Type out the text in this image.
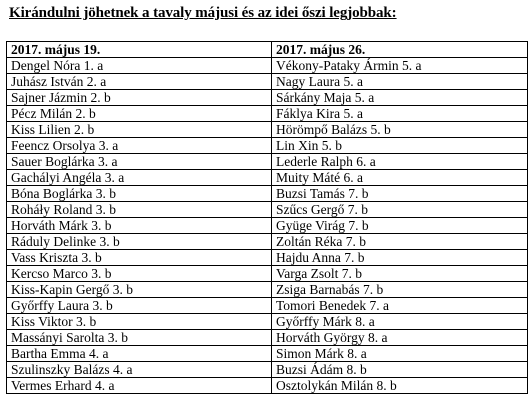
Kirándulni jöhetnek a tavaly májusi és az idei őszi legjobbak:
2017. május 19.	2017. május 26.
Dengel Nóra 1. a	Vékony-Pataky Ármin 5. a
Juhász István 2. a	Nagy Laura 5. a
Sajner Jázmin 2. b	Sárkány Maja 5. a
Pécz Milán 2. b	Fáklya Kira 5. a
Kiss Lilien 2. b	Hörömpő Balázs 5. b
Feencz Orsolya 3. a	Lin Xin 5. b
Sauer Boglárka 3. a	Lederle Ralph 6. a
Gachályi Angéla 3. a	Muity Máté 6. a
Bóna Boglárka 3. b	Buzsi Tamás 7. b
Roháły Roland 3. b	Szűcs Gergő 7. b
Horváth Márk 3. b	Gyüge Virág 7. b
Ráduly Delinke 3. b	Zoltán Réka 7. b
Vass Kriszta 3. b	Hajdu Anna 7. b
Kercso Marco 3. b	Varga Zsolt 7. b
Kiss-Kapin Gergő 3. b	Zsiga Barnabás 7. b
Győrffy Laura 3. b	Tomori Benedek 7. a
Kiss Viktor 3. b	Győrffy Márk 8. a
Massányi Sarolta 3. b	Horváth György 8. a
Bartha Emma 4. a	Simon Márk 8. a
Szulinszky Balázs 4. a	Buzsi Ádám 8. b
Vermes Erhard 4. a	Osztolykán Milán 8. b
